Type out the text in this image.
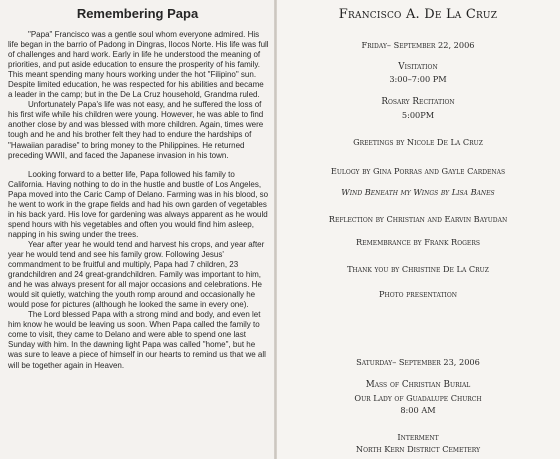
Remembering Papa

"Papa" Francisco was a gentle soul whom everyone admired. His life began in the barrio of Padong in Dingras, Ilocos Norte. His life was full of challenges and hard work. Early in life he understood the meaning of priorities, and put aside education to ensure the prosperity of his family. This meant spending many hours working under the hot "Filipino" sun. Despite limited education, he was respected for his abilities and became a leader in the camp; but in the De La Cruz household, Grandma ruled.

Unfortunately Papa's life was not easy, and he suffered the loss of his first wife while his children were young. However, he was able to find another close by and was blessed with more children. Again, times were tough and he and his brother felt they had to endure the hardships of "Hawaiian paradise" to bring money to the Philippines. He returned preceding WWII, and faced the Japanese invasion in his town.

Looking forward to a better life, Papa followed his family to California. Having nothing to do in the hustle and bustle of Los Angeles, Papa moved into the Caric Camp of Delano. Farming was in his blood, so he went to work in the grape fields and had his own garden of vegetables in his back yard. His love for gardening was always apparent as he would spend hours with his vegetables and often you would find him asleep, napping in his swing under the trees.

Year after year he would tend and harvest his crops, and year after year he would tend and see his family grow. Following Jesus' commandment to be fruitful and multiply, Papa had 7 children, 23 grandchildren and 24 great-grandchildren. Family was important to him, and he was always present for all major occasions and celebrations. He would sit quietly, watching the youth romp around and occasionally he would pose for pictures (although he looked the same in every one).

The Lord blessed Papa with a strong mind and body, and even let him know he would be leaving us soon. When Papa called the family to come to visit, they came to Delano and were able to spend one last Sunday with him. In the dawning light Papa was called "home", but he was sure to leave a piece of himself in our hearts to remind us that we all will be together again in Heaven.

Francisco A. De La Cruz
Friday– September 22, 2006
Visitation
3:00–7:00 PM
Rosary Recitation
5:00PM
Greetings by Nicole De La Cruz
Eulogy by Gina Porras and Gayle Cardenas
Wind Beneath my Wings by Lisa Banes
Reflection by Christian and Earvin Bayudan
Remembrance by Frank Rogers
Thank you by Christine De La Cruz
Photo presentation
Saturday– September 23, 2006
Mass of Christian Burial
Our Lady of Guadalupe Church
8:00 AM
Interment
North Kern District Cemetery
